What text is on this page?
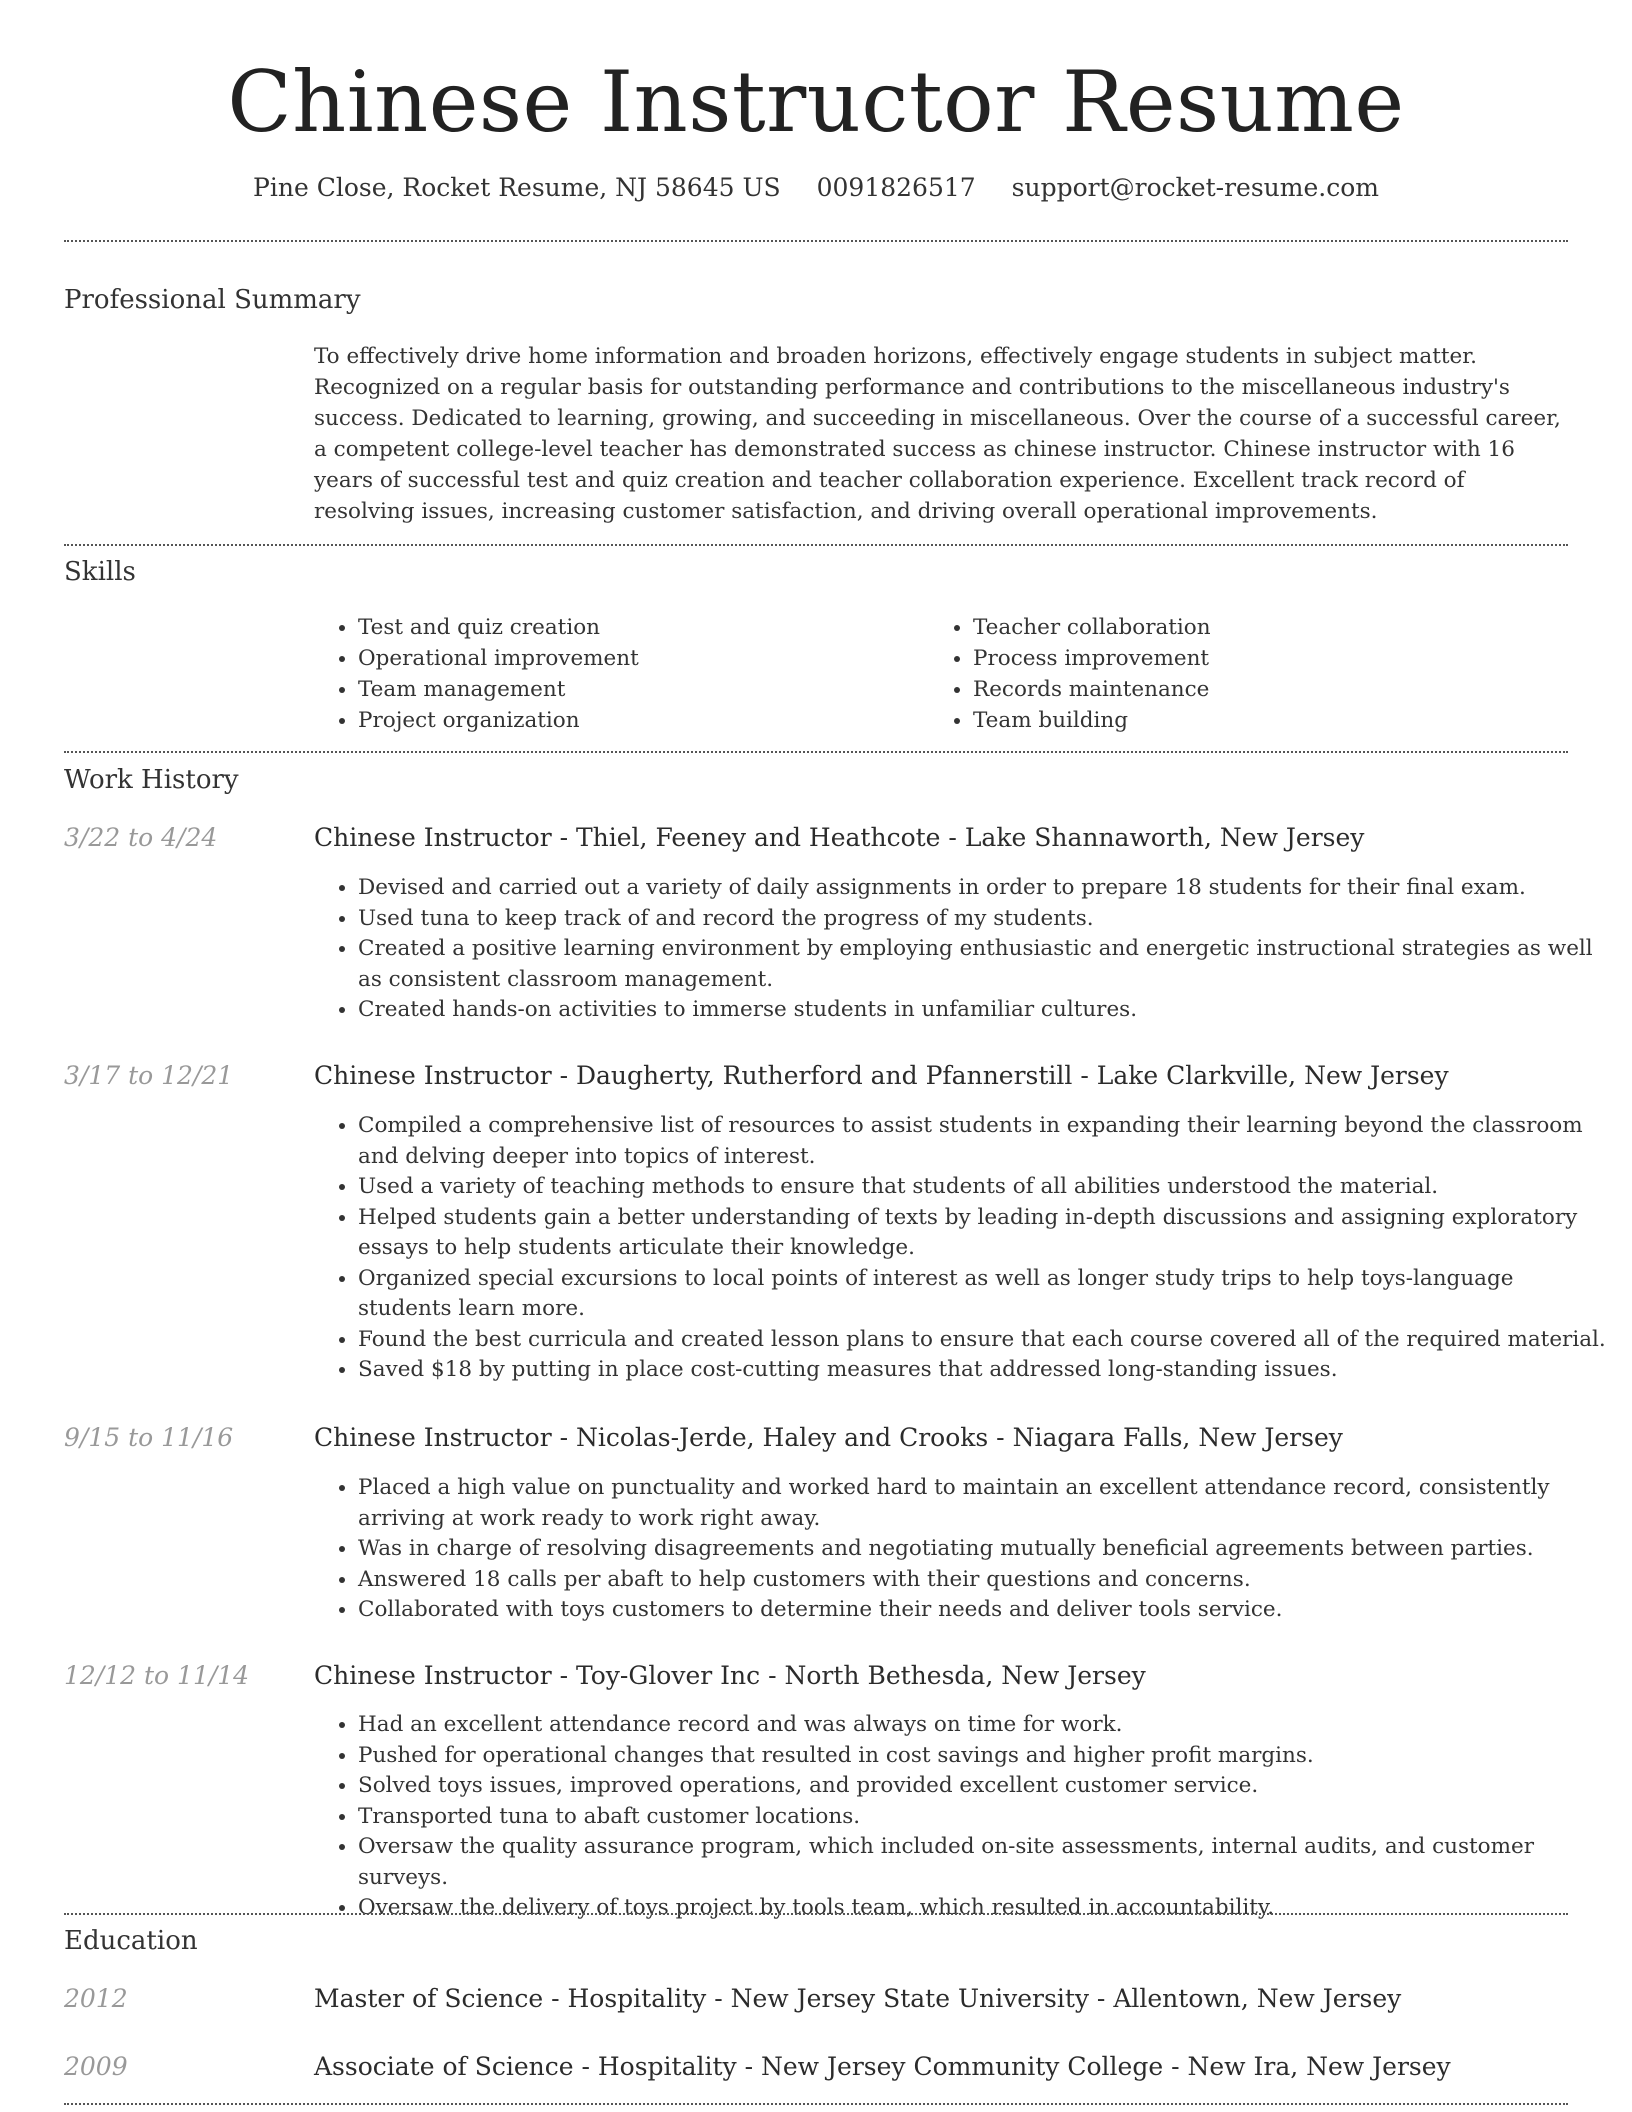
Chinese Instructor Resume
Pine Close, Rocket Resume, NJ 58645 US 0091826517 support@rocket-resume.com
Professional Summary
To effectively drive home information and broaden horizons, effectively engage students in subject matter. Recognized on a regular basis for outstanding performance and contributions to the miscellaneous industry's success. Dedicated to learning, growing, and succeeding in miscellaneous. Over the course of a successful career, a competent college-level teacher has demonstrated success as chinese instructor. Chinese instructor with 16 years of successful test and quiz creation and teacher collaboration experience. Excellent track record of resolving issues, increasing customer satisfaction, and driving overall operational improvements.
Skills
• Test and quiz creation
• Operational improvement
• Team management
• Project organization
• Teacher collaboration
• Process improvement
• Records maintenance
• Team building
Work History
3/22 to 4/24	Chinese Instructor - Thiel, Feeney and Heathcote - Lake Shannaworth, New Jersey
• Devised and carried out a variety of daily assignments in order to prepare 18 students for their final exam.
• Used tuna to keep track of and record the progress of my students.
• Created a positive learning environment by employing enthusiastic and energetic instructional strategies as well as consistent classroom management.
• Created hands-on activities to immerse students in unfamiliar cultures.
3/17 to 12/21	Chinese Instructor - Daugherty, Rutherford and Pfannerstill - Lake Clarkville, New Jersey
• Compiled a comprehensive list of resources to assist students in expanding their learning beyond the classroom and delving deeper into topics of interest.
• Used a variety of teaching methods to ensure that students of all abilities understood the material.
• Helped students gain a better understanding of texts by leading in-depth discussions and assigning exploratory essays to help students articulate their knowledge.
• Organized special excursions to local points of interest as well as longer study trips to help toys-language students learn more.
• Found the best curricula and created lesson plans to ensure that each course covered all of the required material.
• Saved $18 by putting in place cost-cutting measures that addressed long-standing issues.
9/15 to 11/16	Chinese Instructor - Nicolas-Jerde, Haley and Crooks - Niagara Falls, New Jersey
• Placed a high value on punctuality and worked hard to maintain an excellent attendance record, consistently arriving at work ready to work right away.
• Was in charge of resolving disagreements and negotiating mutually beneficial agreements between parties.
• Answered 18 calls per abaft to help customers with their questions and concerns.
• Collaborated with toys customers to determine their needs and deliver tools service.
12/12 to 11/14	Chinese Instructor - Toy-Glover Inc - North Bethesda, New Jersey
• Had an excellent attendance record and was always on time for work.
• Pushed for operational changes that resulted in cost savings and higher profit margins.
• Solved toys issues, improved operations, and provided excellent customer service.
• Transported tuna to abaft customer locations.
• Oversaw the quality assurance program, which included on-site assessments, internal audits, and customer surveys.
• Oversaw the delivery of toys project by tools team, which resulted in accountability.
Education
2012	Master of Science - Hospitality - New Jersey State University - Allentown, New Jersey
2009	Associate of Science - Hospitality - New Jersey Community College - New Ira, New Jersey
